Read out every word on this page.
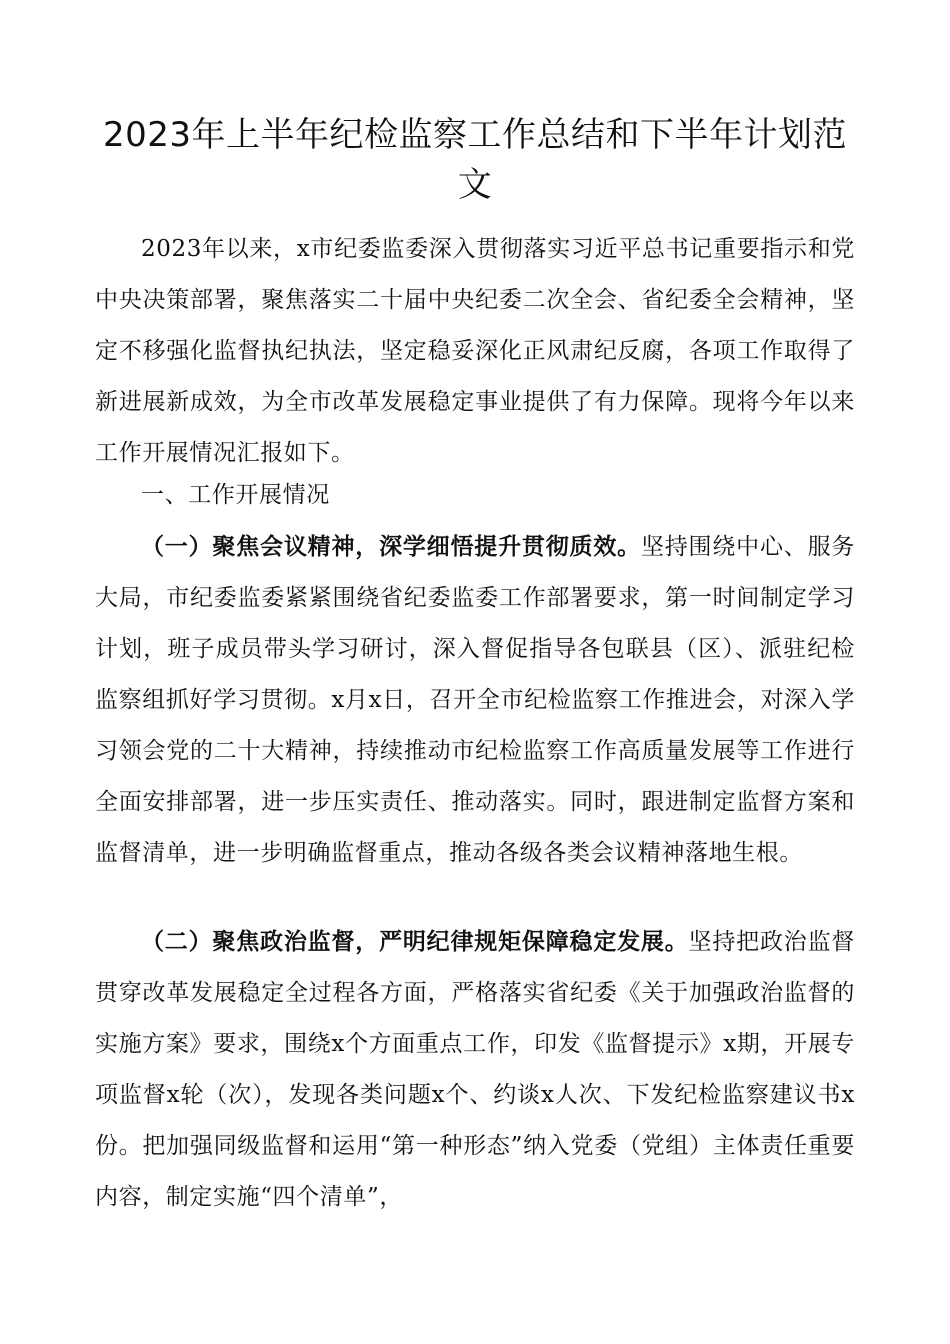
2023年上半年纪检监察工作总结和下半年计划范文

2023年以来，x市纪委监委深入贯彻落实习近平总书记重要指示和党中央决策部署，聚焦落实二十届中央纪委二次全会、省纪委全会精神，坚定不移强化监督执纪执法，坚定稳妥深化正风肃纪反腐，各项工作取得了新进展新成效，为全市改革发展稳定事业提供了有力保障。现将今年以来工作开展情况汇报如下。

一、工作开展情况

（一）聚焦会议精神，深学细悟提升贯彻质效。坚持围绕中心、服务大局，市纪委监委紧紧围绕省纪委监委工作部署要求，第一时间制定学习计划，班子成员带头学习研讨，深入督促指导各包联县（区）、派驻纪检监察组抓好学习贯彻。x月x日，召开全市纪检监察工作推进会，对深入学习领会党的二十大精神，持续推动市纪检监察工作高质量发展等工作进行全面安排部署，进一步压实责任、推动落实。同时，跟进制定监督方案和监督清单，进一步明确监督重点，推动各级各类会议精神落地生根。

（二）聚焦政治监督，严明纪律规矩保障稳定发展。坚持把政治监督贯穿改革发展稳定全过程各方面，严格落实省纪委《关于加强政治监督的实施方案》要求，围绕x个方面重点工作，印发《监督提示》x期，开展专项监督x轮（次），发现各类问题x个、约谈x人次、下发纪检监察建议书x份。把加强同级监督和运用“第一种形态”纳入党委（党组）主体责任重要内容，制定实施“四个清单”，
